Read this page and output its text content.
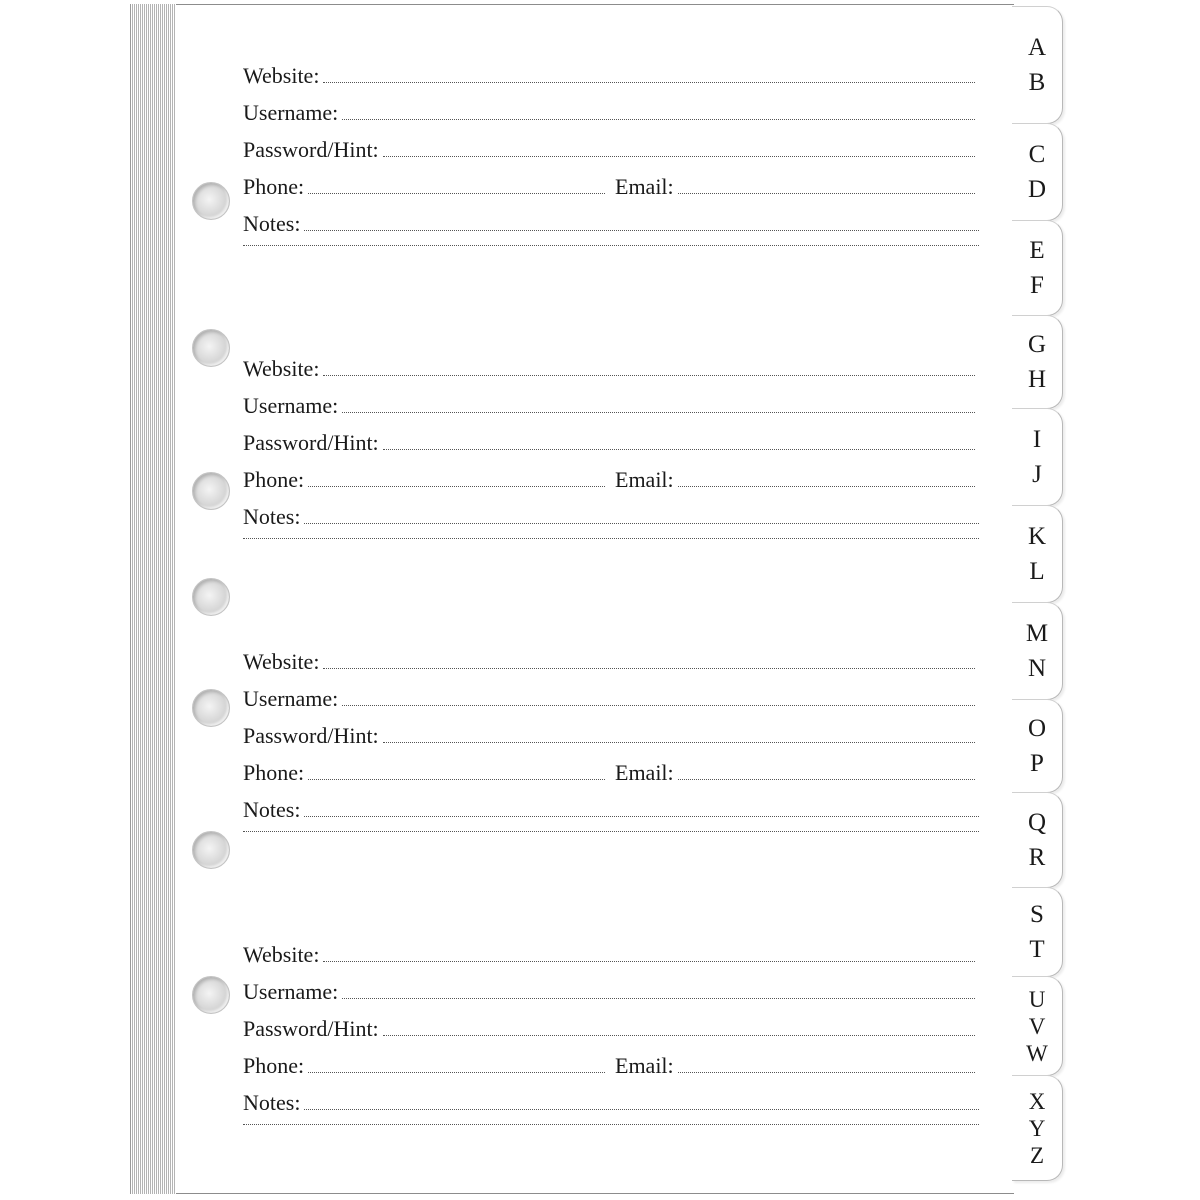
Website:
Username:
Password/Hint:
Phone:	Email:
Notes:
Website:
Username:
Password/Hint:
Phone:	Email:
Notes:
Website:
Username:
Password/Hint:
Phone:	Email:
Notes:
Website:
Username:
Password/Hint:
Phone:	Email:
Notes:
A
B
C
D
E
F
G
H
I
J
K
L
M
N
O
P
Q
R
S
T
U
V
W
X
Y
Z
